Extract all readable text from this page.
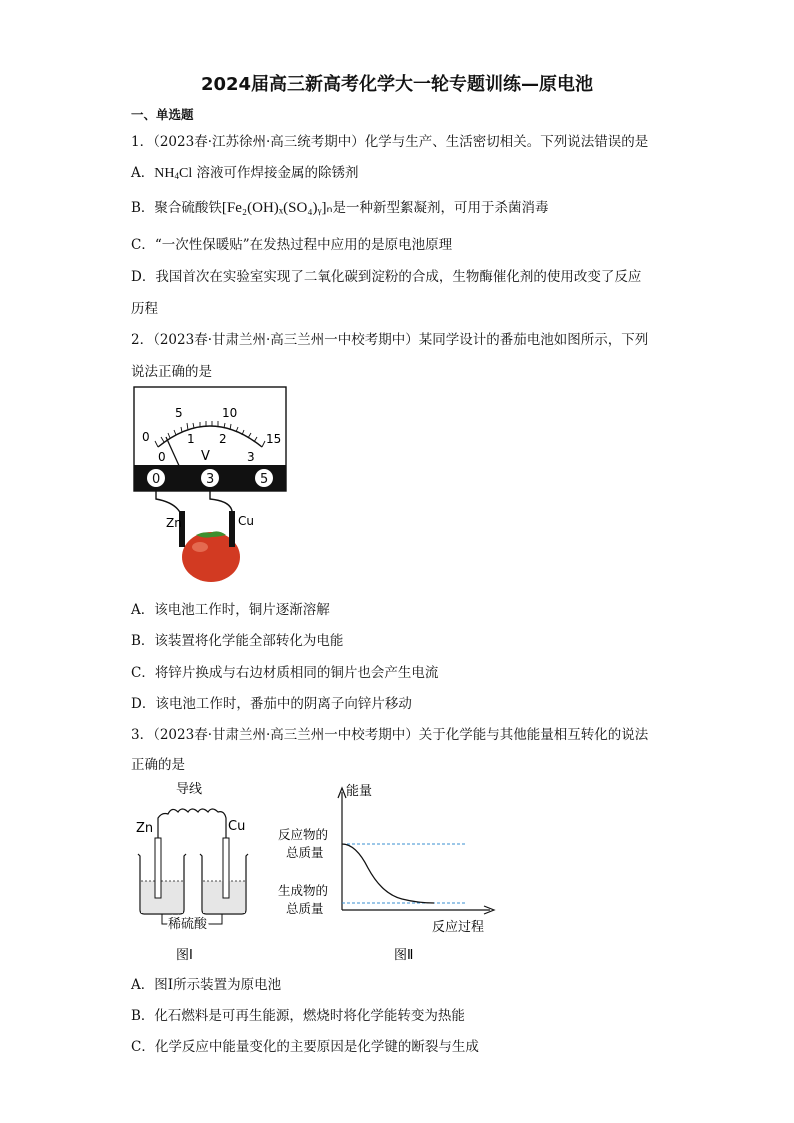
2024届高三新高考化学大一轮专题训练—原电池
一、单选题
1．（2023春·江苏徐州·高三统考期中）化学与生产、生活密切相关。下列说法错误的是
A．$NH_4Cl$ 溶液可作焊接金属的除锈剂
B．聚合硫酸铁[Fe₂(OH)ₓ(SO₄)ᵧ]ₙ是一种新型絮凝剂，可用于杀菌消毒
C．“一次性保暖贴”在发热过程中应用的是原电池原理
D．我国首次在实验室实现了二氧化碳到淀粉的合成，生物酶催化剂的使用改变了反应
历程
2．（2023春·甘肃兰州·高三兰州一中校考期中）某同学设计的番茄电池如图所示，下列
说法正确的是
0
5	10
15
0
1 2
3
V
0	3	5
Zn	Cu
A．该电池工作时，铜片逐渐溶解
B．该装置将化学能全部转化为电能
C．将锌片换成与右边材质相同的铜片也会产生电流
D．该电池工作时，番茄中的阴离子向锌片移动
3．（2023春·甘肃兰州·高三兰州一中校考期中）关于化学能与其他能量相互转化的说法
正确的是
导线
Zn	Cu
稀硫酸
图Ⅰ
能量
反应过程
反应物的
总质量
生成物的
总质量
图Ⅱ
A．图Ⅰ所示装置为原电池
B．化石燃料是可再生能源，燃烧时将化学能转变为热能
C．化学反应中能量变化的主要原因是化学键的断裂与生成
